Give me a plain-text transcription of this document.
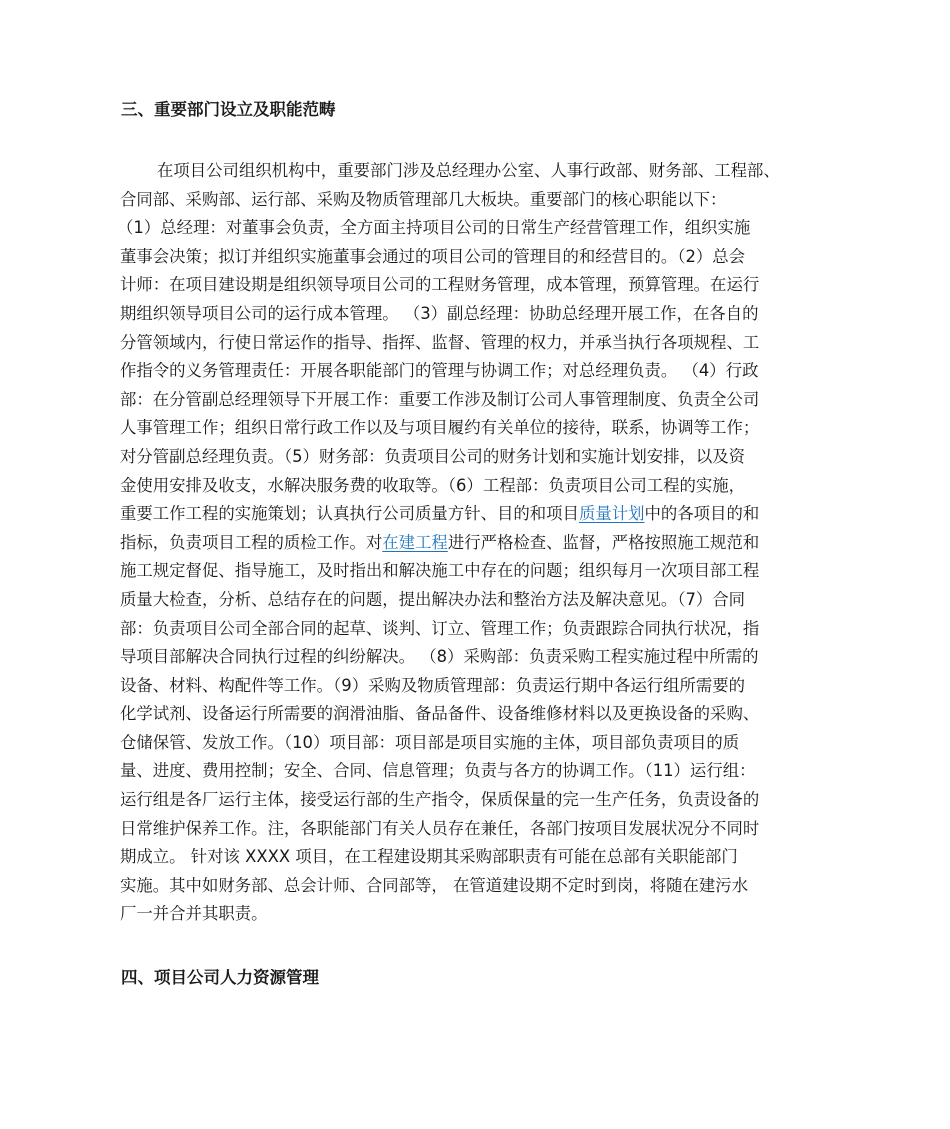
三、重要部门设立及职能范畴
在项目公司组织机构中，重要部门涉及总经理办公室、人事行政部、财务部、工程部、
合同部、采购部、运行部、采购及物质管理部几大板块。重要部门的核心职能以下：
（1）总经理：对董事会负责，全方面主持项目公司的日常生产经营管理工作，组织实施
董事会决策；拟订并组织实施董事会通过的项目公司的管理目的和经营目的。（2）总会
计师：在项目建设期是组织领导项目公司的工程财务管理，成本管理，预算管理。在运行
期组织领导项目公司的运行成本管理。 （3）副总经理：协助总经理开展工作，在各自的
分管领域内，行使日常运作的指导、指挥、监督、管理的权力，并承当执行各项规程、工
作指令的义务管理责任：开展各职能部门的管理与协调工作；对总经理负责。 （4）行政
部：在分管副总经理领导下开展工作：重要工作涉及制订公司人事管理制度、负责全公司
人事管理工作；组织日常行政工作以及与项目履约有关单位的接待，联系，协调等工作；
对分管副总经理负责。（5）财务部：负责项目公司的财务计划和实施计划安排，以及资
金使用安排及收支，水解决服务费的收取等。（6）工程部：负责项目公司工程的实施，
重要工作工程的实施策划；认真执行公司质量方针、目的和项目质量计划中的各项目的和
指标，负责项目工程的质检工作。对在建工程进行严格检查、监督，严格按照施工规范和
施工规定督促、指导施工，及时指出和解决施工中存在的问题；组织每月一次项目部工程
质量大检查，分析、总结存在的问题，提出解决办法和整治方法及解决意见。（7）合同
部：负责项目公司全部合同的起草、谈判、订立、管理工作；负责跟踪合同执行状况，指
导项目部解决合同执行过程的纠纷解决。 （8）采购部：负责采购工程实施过程中所需的
设备、材料、构配件等工作。（9）采购及物质管理部：负责运行期中各运行组所需要的
化学试剂、设备运行所需要的润滑油脂、备品备件、设备维修材料以及更换设备的采购、
仓储保管、发放工作。（10）项目部：项目部是项目实施的主体，项目部负责项目的质
量、进度、费用控制；安全、合同、信息管理；负责与各方的协调工作。（11）运行组：
运行组是各厂运行主体，接受运行部的生产指令，保质保量的完一生产任务，负责设备的
日常维护保养工作。注，各职能部门有关人员存在兼任，各部门按项目发展状况分不同时
期成立。 针对该 XXXX 项目，在工程建设期其采购部职责有可能在总部有关职能部门
实施。其中如财务部、总会计师、合同部等， 在管道建设期不定时到岗，将随在建污水
厂一并合并其职责。
四、项目公司人力资源管理
